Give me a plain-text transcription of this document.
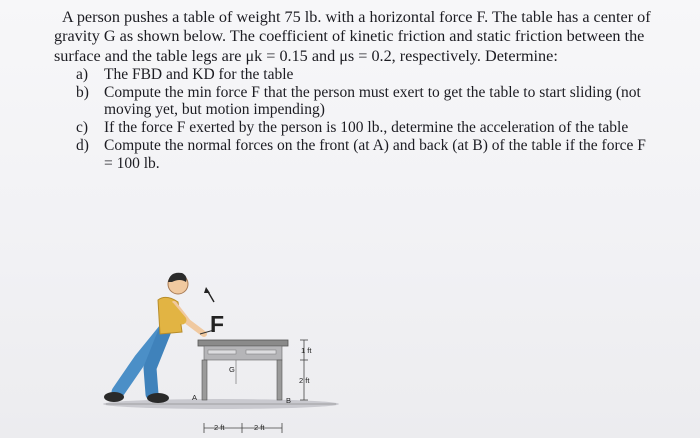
A person pushes a table of weight 75 lb. with a horizontal force F. The table has a center of gravity G as shown below. The coefficient of kinetic friction and static friction between the surface and the table legs are μk = 0.15 and μs = 0.2, respectively. Determine:

a)	The FBD and KD for the table
b) Compute the min force F that the person must exert to get the table to start sliding (not moving yet, but motion impending)
c)	If the force F exerted by the person is 100 lb., determine the acceleration of the table
d) Compute the normal forces on the front (at A) and back (at B) of the table if the force F = 100 lb.
F
G
A	B
1 ft
2 ft
2 ft	2 ft
